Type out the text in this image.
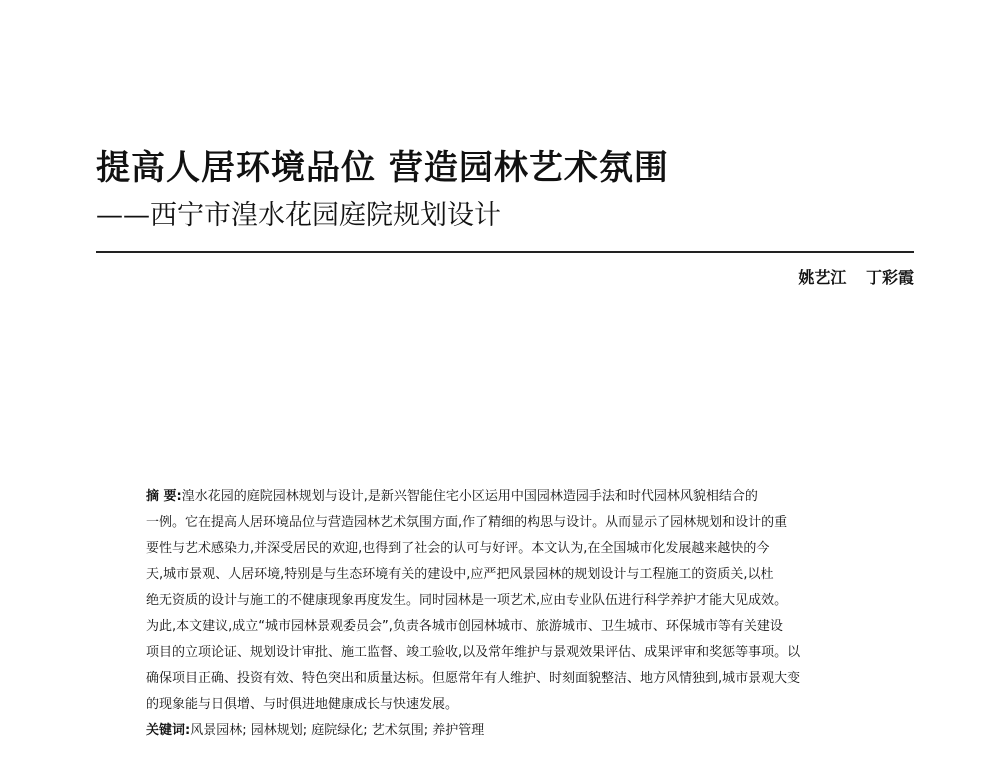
提高人居环境品位 营造园林艺术氛围
——西宁市湟水花园庭院规划设计
姚艺江 丁彩霞
摘 要:湟水花园的庭院园林规划与设计,是新兴智能住宅小区运用中国园林造园手法和时代园林风貌相结合的
一例。它在提高人居环境品位与营造园林艺术氛围方面,作了精细的构思与设计。从而显示了园林规划和设计的重
要性与艺术感染力,并深受居民的欢迎,也得到了社会的认可与好评。本文认为,在全国城市化发展越来越快的今
天,城市景观、人居环境,特别是与生态环境有关的建设中,应严把风景园林的规划设计与工程施工的资质关,以杜
绝无资质的设计与施工的不健康现象再度发生。同时园林是一项艺术,应由专业队伍进行科学养护才能大见成效。
为此,本文建议,成立“城市园林景观委员会”,负责各城市创园林城市、旅游城市、卫生城市、环保城市等有关建设
项目的立项论证、规划设计审批、施工监督、竣工验收,以及常年维护与景观效果评估、成果评审和奖惩等事项。以
确保项目正确、投资有效、特色突出和质量达标。但愿常年有人维护、时刻面貌整洁、地方风情独到,城市景观大变
的现象能与日俱增、与时俱进地健康成长与快速发展。
关键词:风景园林; 园林规划; 庭院绿化; 艺术氛围; 养护管理
